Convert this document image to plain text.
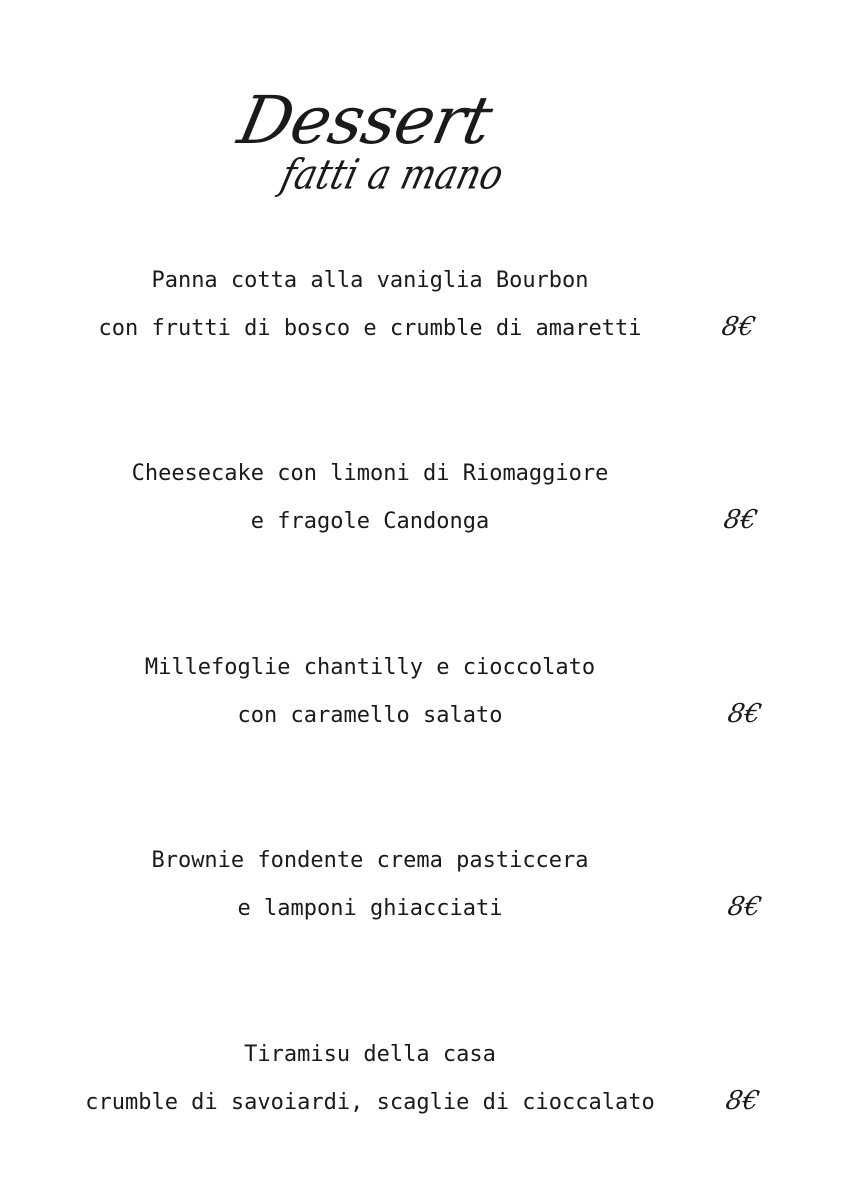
Dessert
fatti a mano
Panna cotta alla vaniglia Bourbon
con frutti di bosco e crumble di amaretti	8€
Cheesecake con limoni di Riomaggiore
e fragole Candonga	8€
Millefoglie chantilly e cioccolato
con caramello salato	8€
Brownie fondente crema pasticcera
e lamponi ghiacciati	8€
Tiramisu della casa
crumble di savoiardi, scaglie di cioccalato	8€
